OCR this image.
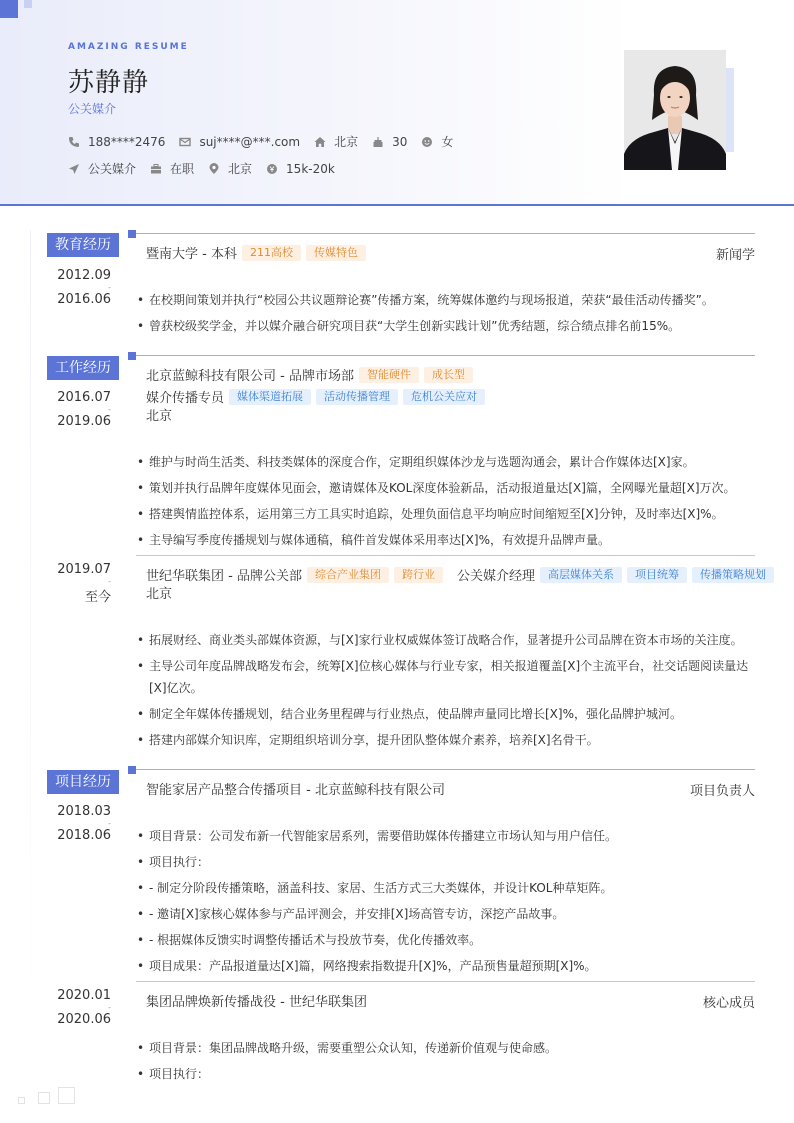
AMAZING RESUME
苏静静
公关媒介
188****2476	suj****@***.com	北京	30	女
公关媒介	在职	北京	15k-20k
教育经历
2012.09
-
2016.06
暨南大学 - 本科	211高校	传媒特色	新闻学
• 在校期间策划并执行“校园公共议题辩论赛”传播方案，统筹媒体邀约与现场报道，荣获“最佳活动传播奖”。
• 曾获校级奖学金，并以媒介融合研究项目获“大学生创新实践计划”优秀结题，综合绩点排名前15%。
工作经历
2016.07
-
2019.06
北京蓝鲸科技有限公司 - 品牌市场部	智能硬件	成长型
媒介传播专员	媒体渠道拓展	活动传播管理	危机公关应对
北京
• 维护与时尚生活类、科技类媒体的深度合作，定期组织媒体沙龙与选题沟通会，累计合作媒体达[X]家。
• 策划并执行品牌年度媒体见面会，邀请媒体及KOL深度体验新品，活动报道量达[X]篇，全网曝光量超[X]万次。
• 搭建舆情监控体系，运用第三方工具实时追踪，处理负面信息平均响应时间缩短至[X]分钟，及时率达[X]%。
• 主导编写季度传播规划与媒体通稿，稿件首发媒体采用率达[X]%，有效提升品牌声量。
2019.07
-
至今
世纪华联集团 - 品牌公关部	综合产业集团	跨行业	公关媒介经理	高层媒体关系	项目统筹	传播策略规划
北京
• 拓展财经、商业类头部媒体资源，与[X]家行业权威媒体签订战略合作，显著提升公司品牌在资本市场的关注度。
• 主导公司年度品牌战略发布会，统筹[X]位核心媒体与行业专家，相关报道覆盖[X]个主流平台，社交话题阅读量达[X]亿次。
• 制定全年媒体传播规划，结合业务里程碑与行业热点，使品牌声量同比增长[X]%，强化品牌护城河。
• 搭建内部媒介知识库，定期组织培训分享，提升团队整体媒介素养，培养[X]名骨干。
项目经历
2018.03
-
2018.06
智能家居产品整合传播项目 - 北京蓝鲸科技有限公司	项目负责人
• 项目背景：公司发布新一代智能家居系列，需要借助媒体传播建立市场认知与用户信任。
• 项目执行：
• - 制定分阶段传播策略，涵盖科技、家居、生活方式三大类媒体，并设计KOL种草矩阵。
• - 邀请[X]家核心媒体参与产品评测会，并安排[X]场高管专访，深挖产品故事。
• - 根据媒体反馈实时调整传播话术与投放节奏，优化传播效率。
• 项目成果：产品报道量达[X]篇，网络搜索指数提升[X]%，产品预售量超预期[X]%。
2020.01
-
2020.06
集团品牌焕新传播战役 - 世纪华联集团	核心成员
• 项目背景：集团品牌战略升级，需要重塑公众认知，传递新价值观与使命感。
• 项目执行：
